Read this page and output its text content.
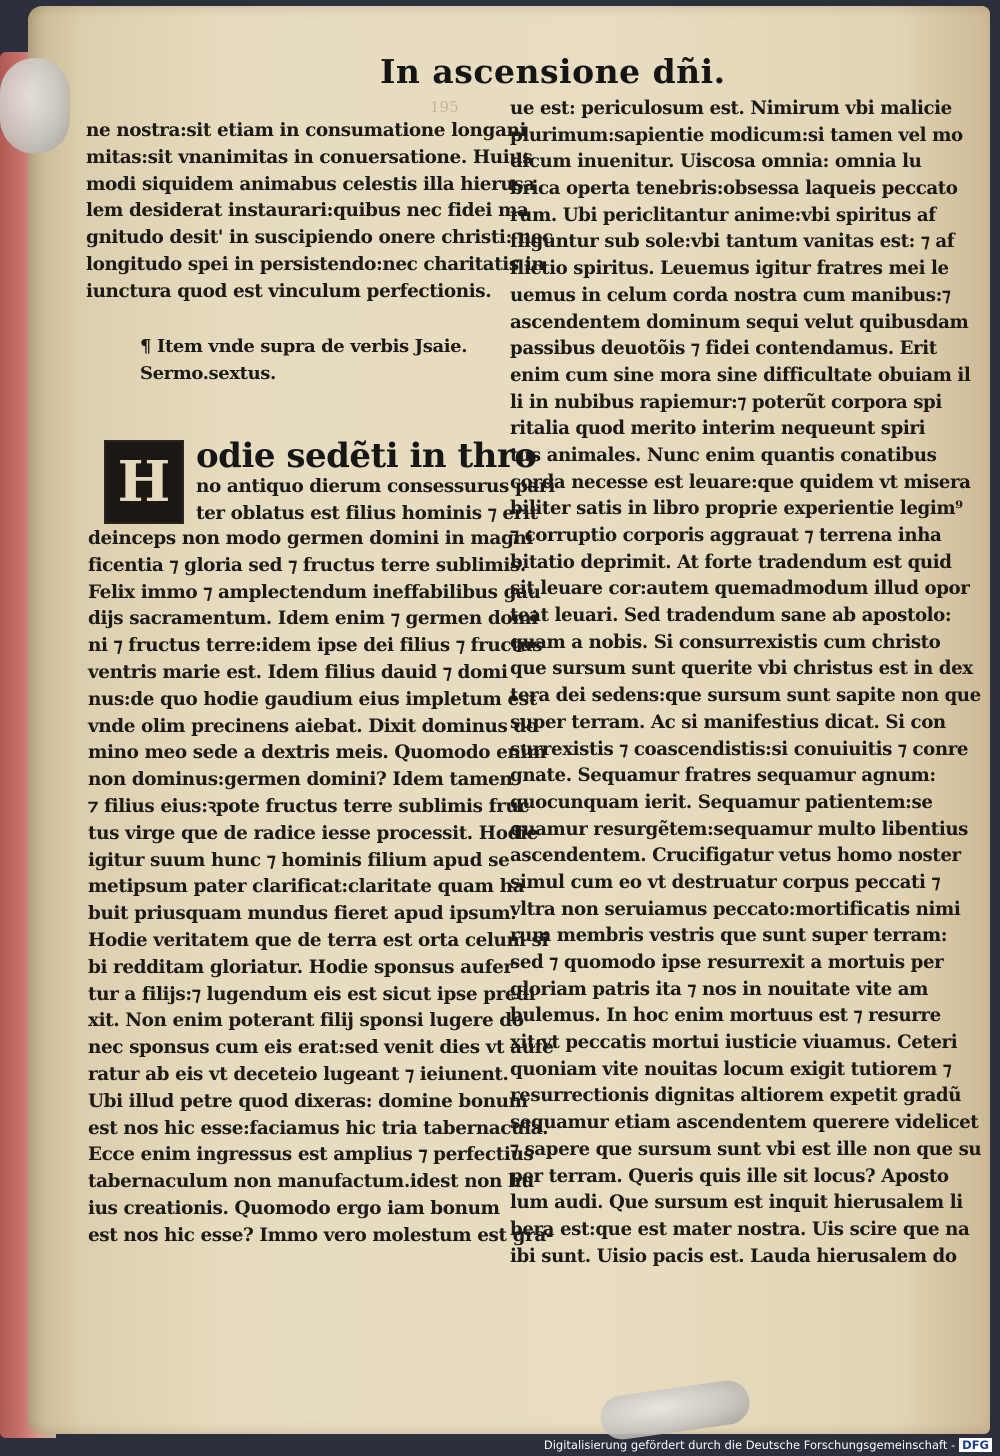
In ascensione dñi.
195
ne nostra:sit etiam in consumatione longani
mitas:sit vnanimitas in conuersatione. Huius
modi siquidem animabus celestis illa hierusa
lem desiderat instaurari:quibus nec fidei ma
gnitudo desit' in suscipiendo onere christi: nec
longitudo spei in persistendo:nec charitatis in
iunctura quod est vinculum perfectionis.
¶ Item vnde supra de verbis Jsaie.
Sermo.sextus.
H odie sedẽti in thro
no antiquo dierum consessurus pari
ter oblatus est filius hominis ⁊ erit
deinceps non modo germen domini in magni
ficentia ⁊ gloria sed ⁊ fructus terre sublimis.
Felix immo ⁊ amplectendum ineffabilibus gau
dijs sacramentum. Idem enim ⁊ germen domi
ni ⁊ fructus terre:idem ipse dei filius ⁊ fructus
ventris marie est. Idem filius dauid ⁊ domi
nus:de quo hodie gaudium eius impletum est
vnde olim precinens aiebat. Dixit dominus do
mino meo sede a dextris meis. Quomodo enim
non dominus:germen domini? Idem tamen
⁊ filius eius:ꝛpote fructus terre sublimis fruc
tus virge que de radice iesse processit. Hodie
igitur suum hunc ⁊ hominis filium apud se
metipsum pater clarificat:claritate quam ha
buit priusquam mundus fieret apud ipsum.
Hodie veritatem que de terra est orta celum si
bi redditam gloriatur. Hodie sponsus aufer
tur a filijs:⁊ lugendum eis est sicut ipse predi
xit. Non enim poterant filij sponsi lugere do
nec sponsus cum eis erat:sed venit dies vt aufe
ratur ab eis vt deceteio lugeant ⁊ ieiunent.
Ubi illud petre quod dixeras: domine bonum
est nos hic esse:faciamus hic tria tabernacula.
Ecce enim ingressus est amplius ⁊ perfectius
tabernaculum non manufactum.idest non hu
ius creationis. Quomodo ergo iam bonum
est nos hic esse? Immo vero molestum est gra-
ue est: periculosum est. Nimirum vbi malicie
plurimum:sapientie modicum:si tamen vel mo
dicum inuenitur. Uiscosa omnia: omnia lu
brica operta tenebris:obsessa laqueis peccato
rum. Ubi periclitantur anime:vbi spiritus af
fliguntur sub sole:vbi tantum vanitas est: ⁊ af
flictio spiritus. Leuemus igitur fratres mei le
uemus in celum corda nostra cum manibus:⁊
ascendentem dominum sequi velut quibusdam
passibus deuotõis ⁊ fidei contendamus. Erit
enim cum sine mora sine difficultate obuiam il
li in nubibus rapiemur:⁊ poterũt corpora spi
ritalia quod merito interim nequeunt spiri
tus animales. Nunc enim quantis conatibus
corda necesse est leuare:que quidem vt misera
biliter satis in libro proprie experientie legim⁹
⁊ corruptio corporis aggrauat ⁊ terrena inha
bitatio deprimit. At forte tradendum est quid
sit leuare cor:autem quemadmodum illud opor
teat leuari. Sed tradendum sane ab apostolo:
quam a nobis. Si consurrexistis cum christo
que sursum sunt querite vbi christus est in dex
tera dei sedens:que sursum sunt sapite non que
super terram. Ac si manifestius dicat. Si con
surrexistis ⁊ coascendistis:si conuiuitis ⁊ conre
gnate. Sequamur fratres sequamur agnum:
quocunquam ierit. Sequamur patientem:se
quamur resurgẽtem:sequamur multo libentius
ascendentem. Crucifigatur vetus homo noster
simul cum eo vt destruatur corpus peccati ⁊
vltra non seruiamus peccato:mortificatis nimi
rum membris vestris que sunt super terram:
sed ⁊ quomodo ipse resurrexit a mortuis per
gloriam patris ita ⁊ nos in nouitate vite am
bulemus. In hoc enim mortuus est ⁊ resurre
xit:vt peccatis mortui iusticie viuamus. Ceteri
quoniam vite nouitas locum exigit tutiorem ⁊
resurrectionis dignitas altiorem expetit gradũ
sequamur etiam ascendentem querere videlicet
⁊ sapere que sursum sunt vbi est ille non que su
per terram. Queris quis ille sit locus? Aposto
lum audi. Que sursum est inquit hierusalem li
bera est:que est mater nostra. Uis scire que na
ibi sunt. Uisio pacis est. Lauda hierusalem do
Digitalisierung gefördert durch die Deutsche Forschungsgemeinschaft - DFG
